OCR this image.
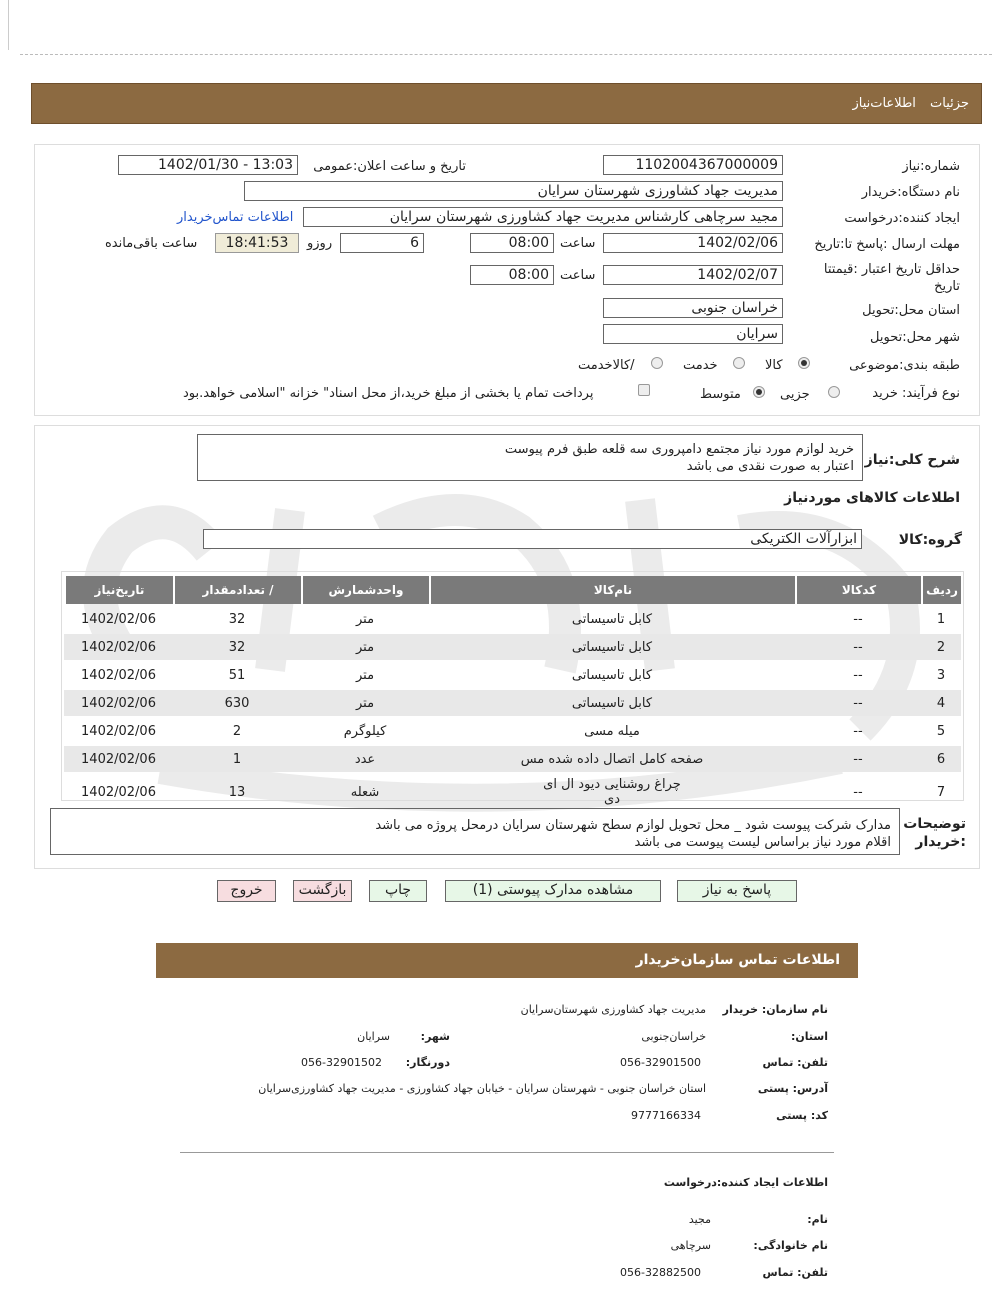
جزئیات اطلاعات‌نیاز
شماره:نیاز
1102004367000009
تاریخ و ساعت اعلان:عمومی
1402/01/30 - 13:03
نام دستگاه:خریدار
مدیریت جهاد کشاورزی شهرستان سرایان
ایجاد کننده:درخواست
مجید سرچاهی کارشناس مدیریت جهاد کشاورزی شهرستان سرایان
اطلاعات تماس‌خریدار
مهلت ارسال :پاسخ تا:تاریخ
1402/02/06
ساعت
08:00
6
روزو
18:41:53
ساعت باقی‌مانده
حداقل تاریخ اعتبار :قیمتتا تاریخ
1402/02/07
ساعت
08:00
استان محل:تحویل
خراسان جنوبی
شهر محل:تحویل
سرایان
طبقه بندی:موضوعی
کالا
خدمت
/کالاخدمت
نوع فرآیند: خرید
جزیی
متوسط
پرداخت تمام یا بخشی از مبلغ خرید،از محل اسناد" خزانه "اسلامی خواهد.بود
شرح کلی:نیاز
خرید لوازم مورد نیاز مجتمع دامپروری سه قلعه طبق فرم پیوست
اعتبار به صورت نقدی می باشد
اطلاعات کالاهای موردنیاز
گروه:کالا
ابزارآلات الکتریکی
ردیف	کدکالا	نام‌کالا	واحدشمارش	/ تعدادمقدار	تاریخ‌نیاز
1	--	کابل تاسیساتی	متر	32	1402/02/06
2	--	کابل تاسیساتی	متر	32	1402/02/06
3	--	کابل تاسیساتی	متر	51	1402/02/06
4	--	کابل تاسیساتی	متر	630	1402/02/06
5	--	میله مسی	کیلوگرم	2	1402/02/06
6	--	صفحه کامل اتصال داده شده مس	عدد	1	1402/02/06
7	--	چراغ روشنایی دیود ال ای دی	شعله	13	1402/02/06
توضیحات :خریدار
مدارک شرکت پیوست شود _ محل تحویل لوازم سطح شهرستان سرایان درمحل پروژه می باشد
اقلام مورد نیاز براساس لیست پیوست می باشد
پاسخ به نیاز
مشاهده مدارک پیوستی (1)
چاپ
بازگشت
خروج
اطلاعات تماس سازمان‌خریدار
نام سازمان: خریدار
مدیریت جهاد کشاورزی شهرستان‌سرایان
استان:
خراسان‌جنوبی
شهر:
سرایان
تلفن: تماس
056-32901500
دورنگار:
056-32901502
آدرس: پستی
استان خراسان جنوبی - شهرستان سرایان - خیابان جهاد کشاورزی - مدیریت جهاد کشاورزی‌سرایان
کد: پستی
9777166334
اطلاعات ایجاد کننده:درخواست
نام:
مجید
نام خانوادگی:
سرچاهی
تلفن: تماس
056-32882500
